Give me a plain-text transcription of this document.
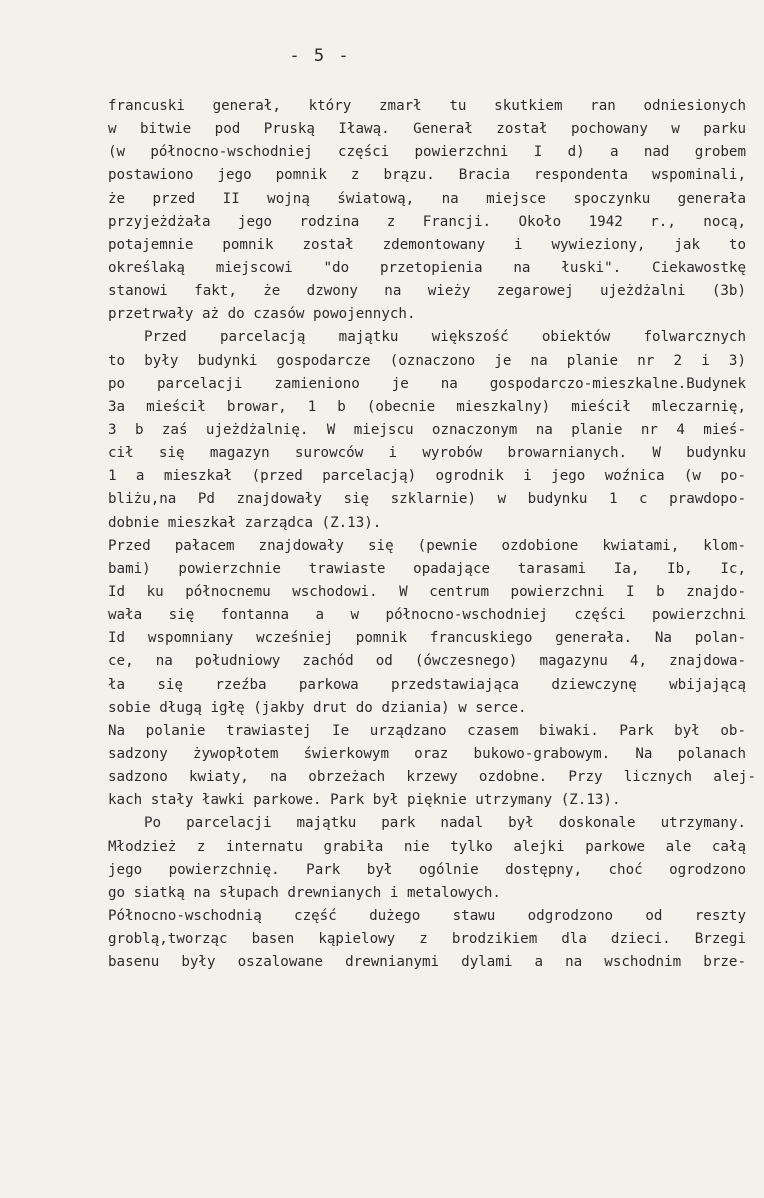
- 5 -
francuski generał, który zmarł tu skutkiem ran odniesionych
w bitwie pod Pruską Iławą. Generał został pochowany w parku
(w północno-wschodniej części powierzchni I d) a nad grobem
postawiono jego pomnik z brązu. Bracia respondenta wspominali,
że przed II wojną światową, na miejsce spoczynku generała
przyjeżdżała jego rodzina z Francji. Około 1942 r., nocą,
potajemnie pomnik został zdemontowany i wywieziony, jak to
określaką miejscowi "do przetopienia na łuski". Ciekawostkę
stanowi fakt, że dzwony na wieży zegarowej ujeżdżalni (3b)
przetrwały aż do czasów powojennych.
Przed parcelacją majątku większość obiektów folwarcznych
to były budynki gospodarcze (oznaczono je na planie nr 2 i 3)
po parcelacji zamieniono je na gospodarczo-mieszkalne.Budynek
3a mieścił browar, 1 b (obecnie mieszkalny) mieścił mleczarnię,
3 b zaś ujeżdżalnię. W miejscu oznaczonym na planie nr 4 mieś-
cił się magazyn surowców i wyrobów browarnianych. W budynku
1 a mieszkał (przed parcelacją) ogrodnik i jego woźnica (w po-
bliżu,na Pd znajdowały się szklarnie) w budynku 1 c prawdopo-
dobnie mieszkał zarządca (Z.13).
Przed pałacem znajdowały się (pewnie ozdobione kwiatami, klom-
bami) powierzchnie trawiaste opadające tarasami Ia, Ib, Ic,
Id ku północnemu wschodowi. W centrum powierzchni I b znajdo-
wała się fontanna a w północno-wschodniej części powierzchni
Id wspomniany wcześniej pomnik francuskiego generała. Na polan-
ce, na południowy zachód od (ówczesnego) magazynu 4, znajdowa-
ła się rzeźba parkowa przedstawiająca dziewczynę wbijającą
sobie długą igłę (jakby drut do dziania) w serce.
Na polanie trawiastej Ie urządzano czasem biwaki. Park był ob-
sadzony żywopłotem świerkowym oraz bukowo-grabowym. Na polanach
sadzono kwiaty, na obrzeżach krzewy ozdobne. Przy licznych alej-
kach stały ławki parkowe. Park był pięknie utrzymany (Z.13).
Po parcelacji majątku park nadal był doskonale utrzymany.
Młodzież z internatu grabiła nie tylko alejki parkowe ale całą
jego powierzchnię. Park był ogólnie dostępny, choć ogrodzono
go siatką na słupach drewnianych i metalowych.
Północno-wschodnią część dużego stawu odgrodzono od reszty
groblą,tworząc basen kąpielowy z brodzikiem dla dzieci. Brzegi
basenu były oszalowane drewnianymi dylami a na wschodnim brze-
